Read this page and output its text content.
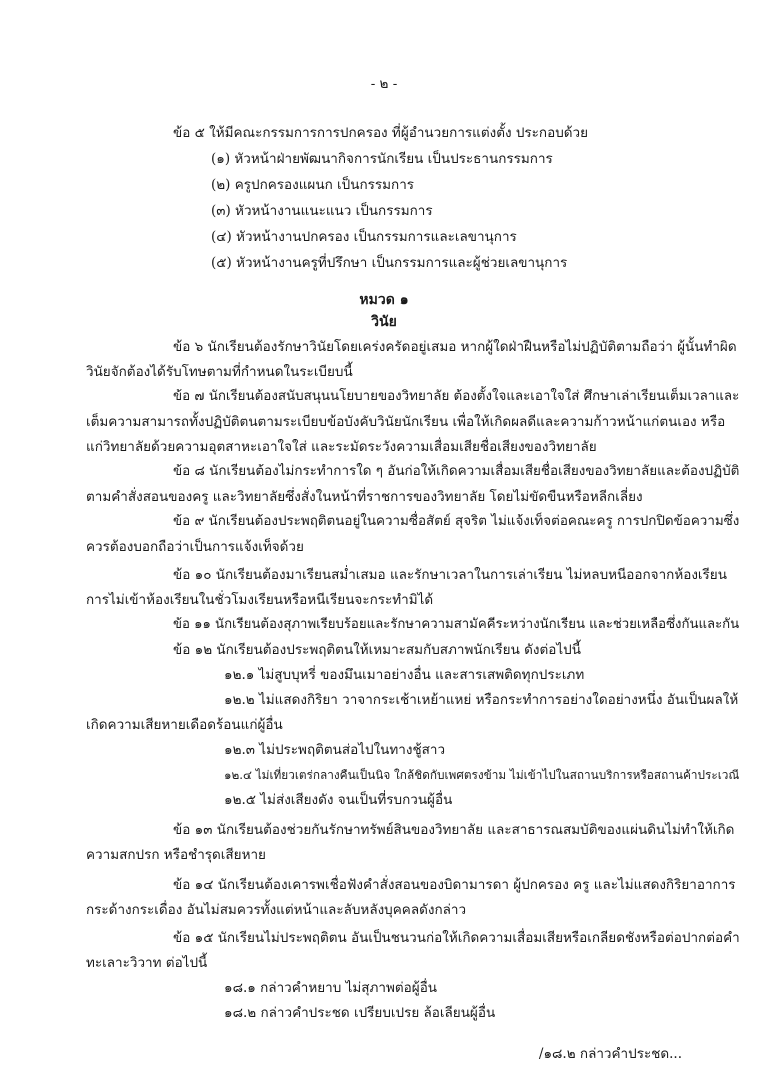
- ๒ -
ข้อ ๕ ให้มีคณะกรรมการการปกครอง ที่ผู้อำนวยการแต่งตั้ง ประกอบด้วย
(๑) หัวหน้าฝ่ายพัฒนากิจการนักเรียน เป็นประธานกรรมการ
(๒) ครูปกครองแผนก เป็นกรรมการ
(๓) หัวหน้างานแนะแนว เป็นกรรมการ
(๔) หัวหน้างานปกครอง เป็นกรรมการและเลขานุการ
(๕) หัวหน้างานครูที่ปรึกษา เป็นกรรมการและผู้ช่วยเลขานุการ
หมวด ๑
วินัย
ข้อ ๖ นักเรียนต้องรักษาวินัยโดยเคร่งครัดอยู่เสมอ หากผู้ใดฝ่าฝืนหรือไม่ปฏิบัติตามถือว่า ผู้นั้นทำผิด
วินัยจักต้องได้รับโทษตามที่กำหนดในระเบียบนี้
ข้อ ๗ นักเรียนต้องสนับสนุนนโยบายของวิทยาลัย ต้องตั้งใจและเอาใจใส่ ศึกษาเล่าเรียนเต็มเวลาและ
เต็มความสามารถทั้งปฏิบัติตนตามระเบียบข้อบังคับวินัยนักเรียน เพื่อให้เกิดผลดีและความก้าวหน้าแก่ตนเอง หรือ
แก่วิทยาลัยด้วยความอุตสาหะเอาใจใส่ และระมัดระวังความเสื่อมเสียชื่อเสียงของวิทยาลัย
ข้อ ๘ นักเรียนต้องไม่กระทำการใด ๆ อันก่อให้เกิดความเสื่อมเสียชื่อเสียงของวิทยาลัยและต้องปฏิบัติ
ตามคำสั่งสอนของครู และวิทยาลัยซึ่งสั่งในหน้าที่ราชการของวิทยาลัย โดยไม่ขัดขืนหรือหลีกเลี่ยง
ข้อ ๙ นักเรียนต้องประพฤติตนอยู่ในความซื่อสัตย์ สุจริต ไม่แจ้งเท็จต่อคณะครู การปกปิดข้อความซึ่ง
ควรต้องบอกถือว่าเป็นการแจ้งเท็จด้วย
ข้อ ๑๐ นักเรียนต้องมาเรียนสม่ำเสมอ และรักษาเวลาในการเล่าเรียน ไม่หลบหนีออกจากห้องเรียน
การไม่เข้าห้องเรียนในชั่วโมงเรียนหรือหนีเรียนจะกระทำมิได้
ข้อ ๑๑ นักเรียนต้องสุภาพเรียบร้อยและรักษาความสามัคคีระหว่างนักเรียน และช่วยเหลือซึ่งกันและกัน
ข้อ ๑๒ นักเรียนต้องประพฤติตนให้เหมาะสมกับสภาพนักเรียน ดังต่อไปนี้
๑๒.๑ ไม่สูบบุหรี่ ของมึนเมาอย่างอื่น และสารเสพติดทุกประเภท
๑๒.๒ ไม่แสดงกิริยา วาจากระเช้าเหย้าแหย่ หรือกระทำการอย่างใดอย่างหนึ่ง อันเป็นผลให้
เกิดความเสียหายเดือดร้อนแก่ผู้อื่น
๑๒.๓ ไม่ประพฤติตนส่อไปในทางชู้สาว
๑๒.๔ ไม่เที่ยวเตร่กลางคืนเป็นนิจ ใกล้ชิดกับเพศตรงข้าม ไม่เข้าไปในสถานบริการหรือสถานค้าประเวณี
๑๒.๕ ไม่ส่งเสียงดัง จนเป็นที่รบกวนผู้อื่น
ข้อ ๑๓ นักเรียนต้องช่วยกันรักษาทรัพย์สินของวิทยาลัย และสาธารณสมบัติของแผ่นดินไม่ทำให้เกิด
ความสกปรก หรือชำรุดเสียหาย
ข้อ ๑๔ นักเรียนต้องเคารพเชื่อฟังคำสั่งสอนของบิดามารดา ผู้ปกครอง ครู และไม่แสดงกิริยาอาการ
กระด้างกระเดื่อง อันไม่สมควรทั้งแต่หน้าและลับหลังบุคคลดังกล่าว
ข้อ ๑๕ นักเรียนไม่ประพฤติตน อันเป็นชนวนก่อให้เกิดความเสื่อมเสียหรือเกลียดชังหรือต่อปากต่อคำ
ทะเลาะวิวาท ต่อไปนี้
๑๘.๑ กล่าวคำหยาบ ไม่สุภาพต่อผู้อื่น
๑๘.๒ กล่าวคำประชด เปรียบเปรย ล้อเลียนผู้อื่น
/๑๘.๒ กล่าวคำประชด...
